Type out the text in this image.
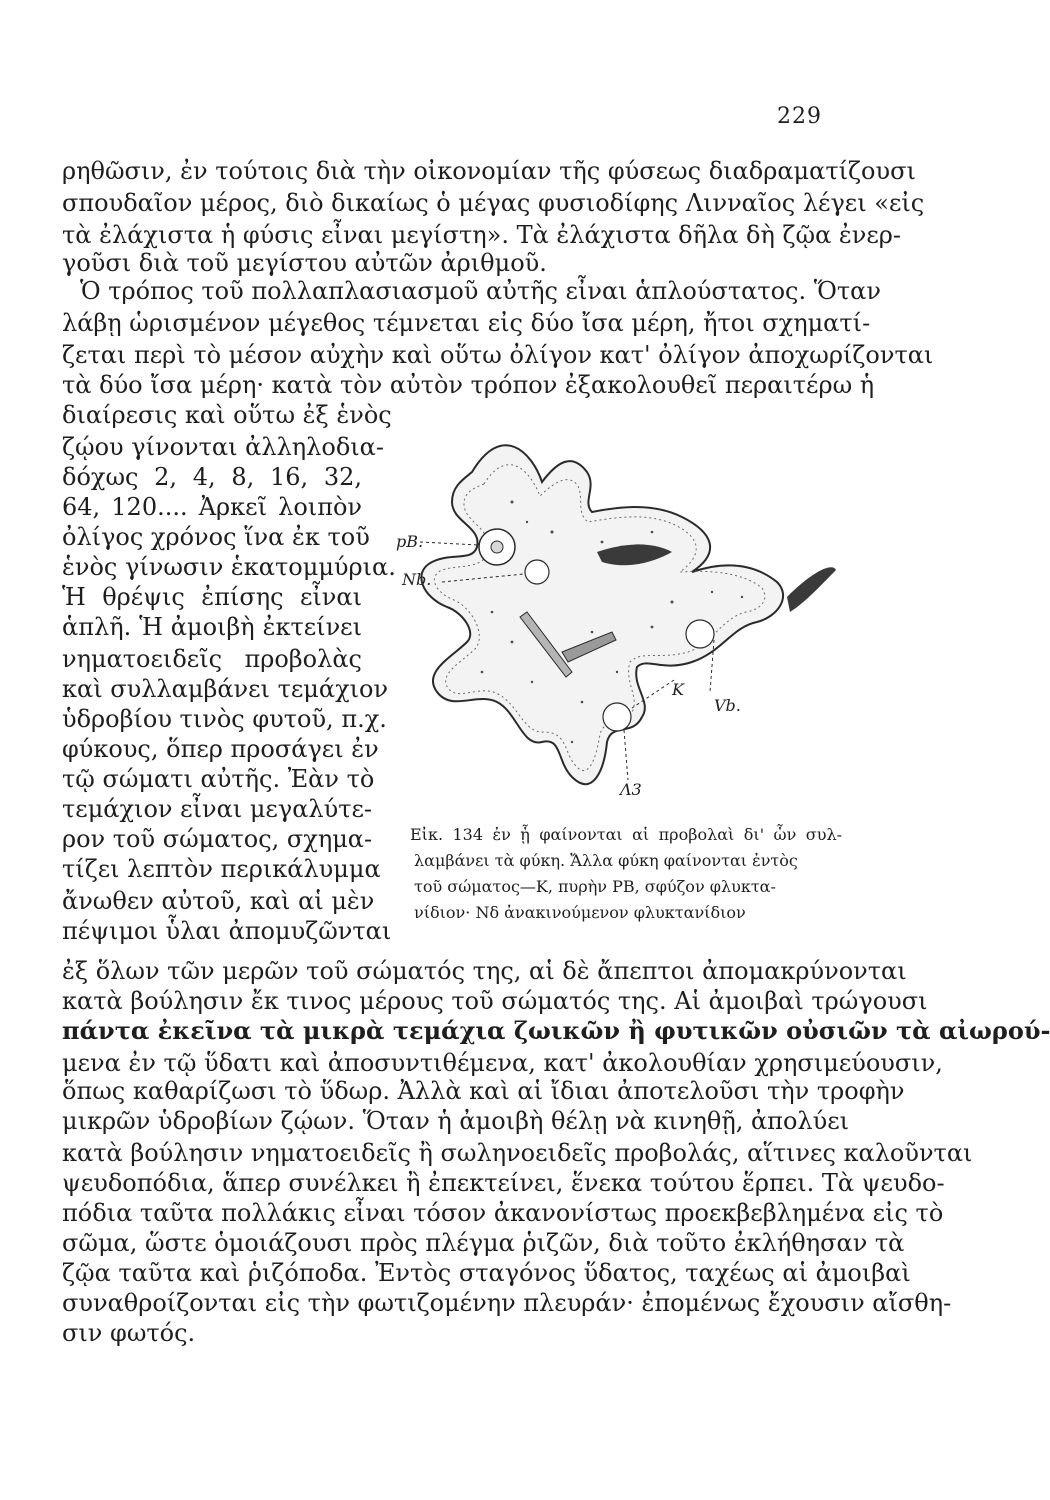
229
ρηθῶσιν, ἐν τούτοις διὰ τὴν οἰκονομίαν τῆς φύσεως διαδραματίζουσι
σπουδαῖον μέρος, διὸ δικαίως ὁ μέγας φυσιοδίφης Λινναῖος λέγει «εἰς
τὰ ἐλάχιστα ἡ φύσις εἶναι μεγίστη». Τὰ ἐλάχιστα δῆλα δὴ ζῷα ἐνερ-
γοῦσι διὰ τοῦ μεγίστου αὐτῶν ἀριθμοῦ.
Ὁ τρόπος τοῦ πολλαπλασιασμοῦ αὐτῆς εἶναι ἁπλούστατος. Ὅταν
λάβῃ ὡρισμένον μέγεθος τέμνεται εἰς δύο ἴσα μέρη, ἤτοι σχηματί-
ζεται περὶ τὸ μέσον αὐχὴν καὶ οὕτω ὀλίγον κατ' ὀλίγον ἀποχωρίζονται
τὰ δύο ἴσα μέρη· κατὰ τὸν αὐτὸν τρόπον ἐξακολουθεῖ περαιτέρω ἡ
διαίρεσις καὶ οὕτω ἐξ ἑνὸς
ζῴου γίνονται ἀλληλοδια-
δόχως 2, 4, 8, 16, 32,
64, 120.... Ἀρκεῖ λοιπὸν
ὀλίγος χρόνος ἵνα ἐκ τοῦ
ἑνὸς γίνωσιν ἑκατομμύρια.
Ἡ θρέψις ἐπίσης εἶναι
ἁπλῆ. Ἡ ἀμοιβὴ ἐκτείνει
νηματοειδεῖς προβολὰς
καὶ συλλαμβάνει τεμάχιον
ὑδροβίου τινὸς φυτοῦ, π.χ.
φύκους, ὅπερ προσάγει ἐν
τῷ σώματι αὐτῆς. Ἐὰν τὸ
τεμάχιον εἶναι μεγαλύτε-
ρον τοῦ σώματος, σχημα-
τίζει λεπτὸν περικάλυμμα
ἄνωθεν αὐτοῦ, καὶ αἱ μὲν
πέψιμοι ὗλαι ἀπομυζῶνται
pB.
Nb.
Vb.
K
Λ3
Εἰκ. 134 ἐν ᾗ φαίνονται αἱ προβολαὶ δι' ὧν συλ-
λαμβάνει τὰ φύκη. Ἄλλα φύκη φαίνονται ἐντὸς
τοῦ σώματος—Κ, πυρὴν ΡΒ, σφύζον φλυκτα-
νίδιον· Νδ ἀνακινούμενον φλυκτανίδιον
ἐξ ὅλων τῶν μερῶν τοῦ σώματός της, αἱ δὲ ἄπεπτοι ἀπομακρύνονται
κατὰ βούλησιν ἔκ τινος μέρους τοῦ σώματός της. Αἱ ἀμοιβαὶ τρώγουσι
πάντα ἐκεῖνα τὰ μικρὰ τεμάχια ζωικῶν ἢ φυτικῶν οὐσιῶν τὰ αἰωρού-
μενα ἐν τῷ ὕδατι καὶ ἀποσυντιθέμενα, κατ' ἀκολουθίαν χρησιμεύουσιν,
ὅπως καθαρίζωσι τὸ ὕδωρ. Ἀλλὰ καὶ αἱ ἴδιαι ἀποτελοῦσι τὴν τροφὴν
μικρῶν ὑδροβίων ζῴων. Ὅταν ἡ ἀμοιβὴ θέλῃ νὰ κινηθῇ, ἀπολύει
κατὰ βούλησιν νηματοειδεῖς ἢ σωληνοειδεῖς προβολάς, αἵτινες καλοῦνται
ψευδοπόδια, ἅπερ συνέλκει ἢ ἐπεκτείνει, ἕνεκα τούτου ἕρπει. Τὰ ψευδο-
πόδια ταῦτα πολλάκις εἶναι τόσον ἀκανονίστως προεκβεβλημένα εἰς τὸ
σῶμα, ὥστε ὁμοιάζουσι πρὸς πλέγμα ῥιζῶν, διὰ τοῦτο ἐκλήθησαν τὰ
ζῷα ταῦτα καὶ ῥιζόποδα. Ἐντὸς σταγόνος ὕδατος, ταχέως αἱ ἀμοιβαὶ
συναθροίζονται εἰς τὴν φωτιζομένην πλευράν· ἐπομένως ἔχουσιν αἴσθη-
σιν φωτός.
